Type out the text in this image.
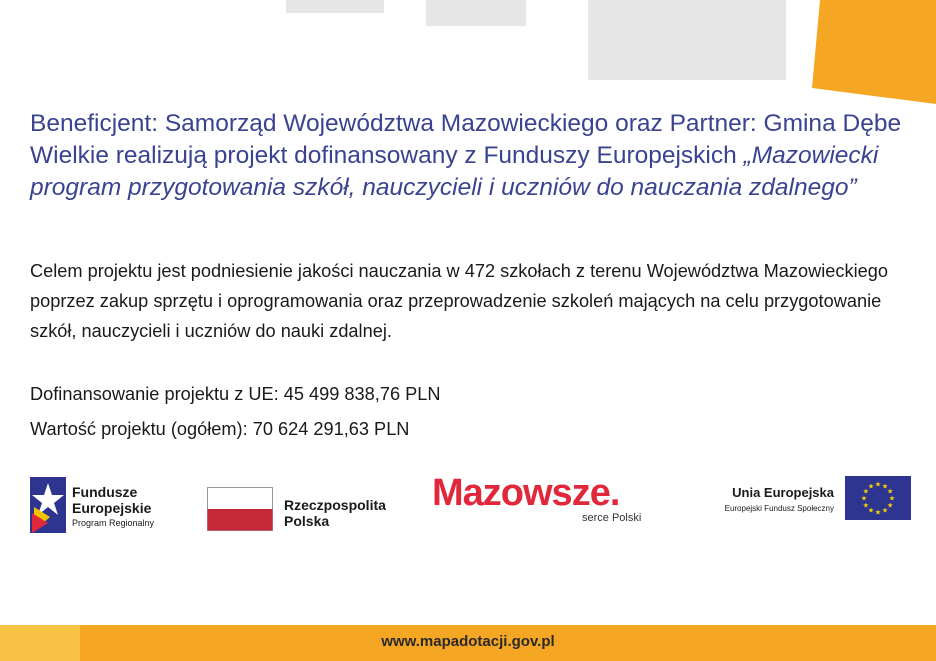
Beneficjent: Samorząd Województwa Mazowieckiego oraz Partner: Gmina Dębe Wielkie realizują projekt dofinansowany z Funduszy Europejskich „Mazowiecki program przygotowania szkół, nauczycieli i uczniów do nauczania zdalnego”

Celem projektu jest podniesienie jakości nauczania w 472 szkołach z terenu Województwa Mazowieckiego poprzez zakup sprzętu i oprogramowania oraz przeprowadzenie szkoleń mających na celu przygotowanie szkół, nauczycieli i uczniów do nauki zdalnej.

Dofinansowanie projektu z UE: 45 499 838,76 PLN

Wartość projektu (ogółem): 70 624 291,63 PLN

Fundusze
Europejskie
Program Regionalny
Rzeczpospolita
Polska
Mazowsze.
serce Polski
Unia Europejska
Europejski Fundusz Społeczny
★
★
★
★
★
★
★
★
★ ★ ★
★
www.mapadotacji.gov.pl
